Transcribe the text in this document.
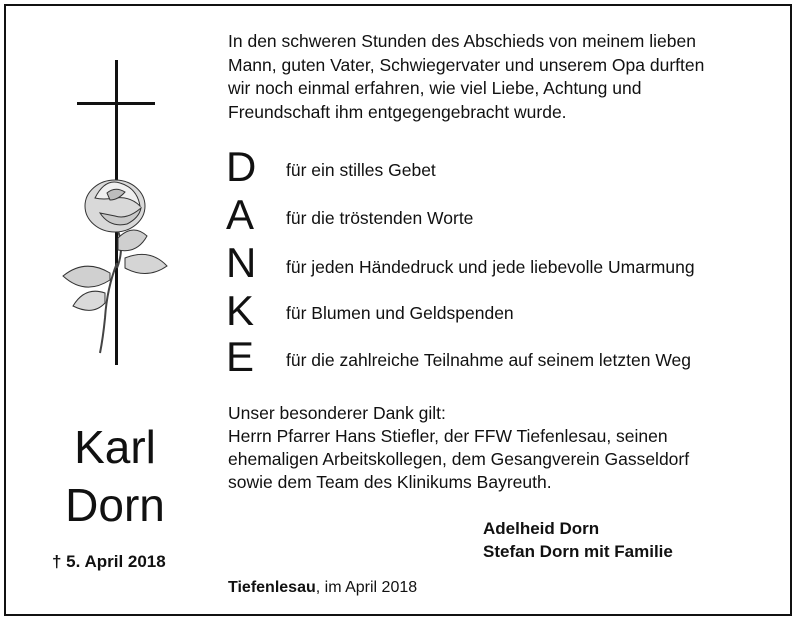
In den schweren Stunden des Abschieds von meinem lieben
Mann, guten Vater, Schwiegervater und unserem Opa durften
wir noch einmal erfahren, wie viel Liebe, Achtung und
Freundschaft ihm entgegengebracht wurde.
D für ein stilles Gebet
A für die tröstenden Worte
N für jeden Händedruck und jede liebevolle Umarmung
K für Blumen und Geldspenden
E für die zahlreiche Teilnahme auf seinem letzten Weg
Unser besonderer Dank gilt:
Herrn Pfarrer Hans Stiefler, der FFW Tiefenlesau, seinen
ehemaligen Arbeitskollegen, dem Gesangverein Gasseldorf
sowie dem Team des Klinikums Bayreuth.
Karl
Dorn
† 5. April 2018
Adelheid Dorn
Stefan Dorn mit Familie
Tiefenlesau, im April 2018
